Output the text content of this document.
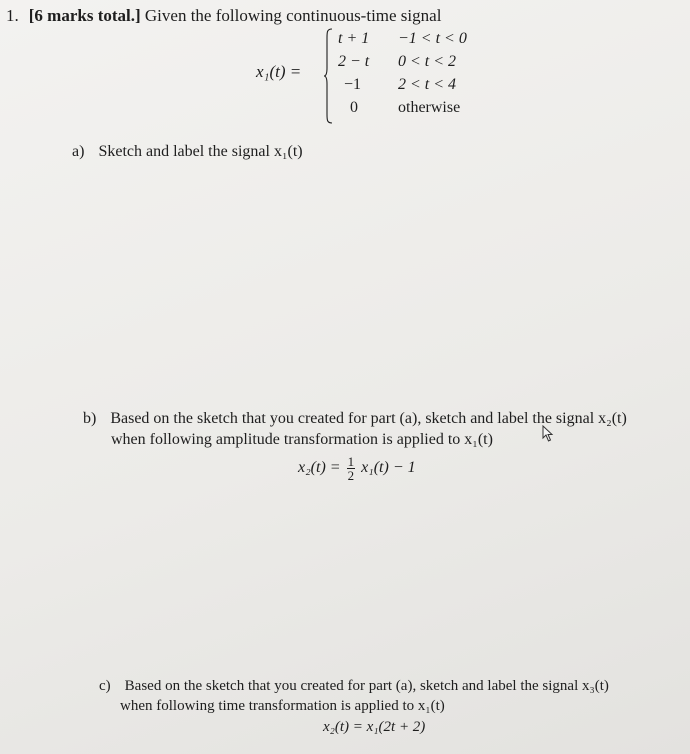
1. [6 marks total.] Given the following continuous-time signal
x₁(t) =
t + 1 −1 < t < 0
2 − t 0 < t < 2
−1 2 < t < 4
0	otherwise
a) Sketch and label the signal x₁(t)
b) Based on the sketch that you created for part (a), sketch and label the signal x₂(t)
when following amplitude transformation is applied to x₁(t)
$x_2(t) = \frac{1}{2} x_1(t) - 1$
c) Based on the sketch that you created for part (a), sketch and label the signal x₃(t)
when following time transformation is applied to x₁(t)
x₂(t) = x₁(2t + 2)
